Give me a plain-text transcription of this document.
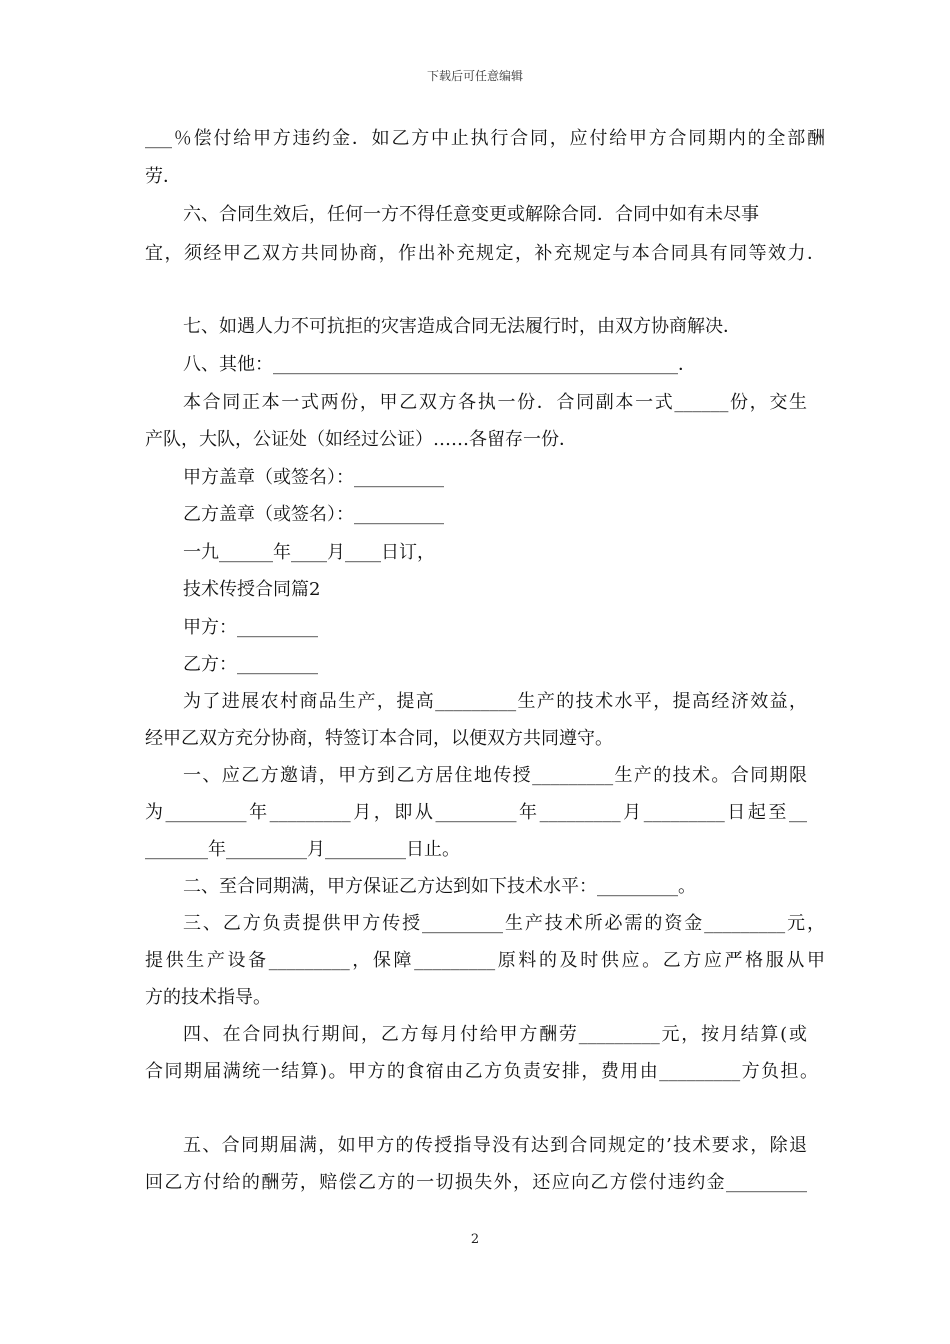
下载后可任意编辑
___％偿付给甲方违约金．如乙方中止执行合同，应付给甲方合同期内的全部酬
劳．
六、合同生效后，任何一方不得任意变更或解除合同．合同中如有未尽事
宜，须经甲乙双方共同协商，作出补充规定，补充规定与本合同具有同等效力．
七、如遇人力不可抗拒的灾害造成合同无法履行时，由双方协商解决．
八、其他：_____________________________________________．
本合同正本一式两份，甲乙双方各执一份．合同副本一式______份，交生
产队，大队，公证处（如经过公证）……各留存一份．
甲方盖章（或签名）：__________
乙方盖章（或签名）：__________
一九______年____月____日订，
技术传授合同篇2
甲方：_________
乙方：_________
为了进展农村商品生产，提高_________生产的技术水平，提高经济效益，
经甲乙双方充分协商，特签订本合同，以便双方共同遵守。
一、应乙方邀请，甲方到乙方居住地传授_________生产的技术。合同期限
为_________年_________月，即从_________年_________月_________日起至__
_______年_________月_________日止。
二、至合同期满，甲方保证乙方达到如下技术水平：_________。
三、乙方负责提供甲方传授_________生产技术所必需的资金_________元，
提供生产设备_________，保障_________原料的及时供应。乙方应严格服从甲
方的技术指导。
四、在合同执行期间，乙方每月付给甲方酬劳_________元，按月结算(或
合同期届满统一结算)。甲方的食宿由乙方负责安排，费用由_________方负担。
五、合同期届满，如甲方的传授指导没有达到合同规定的’技术要求，除退
回乙方付给的酬劳，赔偿乙方的一切损失外，还应向乙方偿付违约金_________
2
